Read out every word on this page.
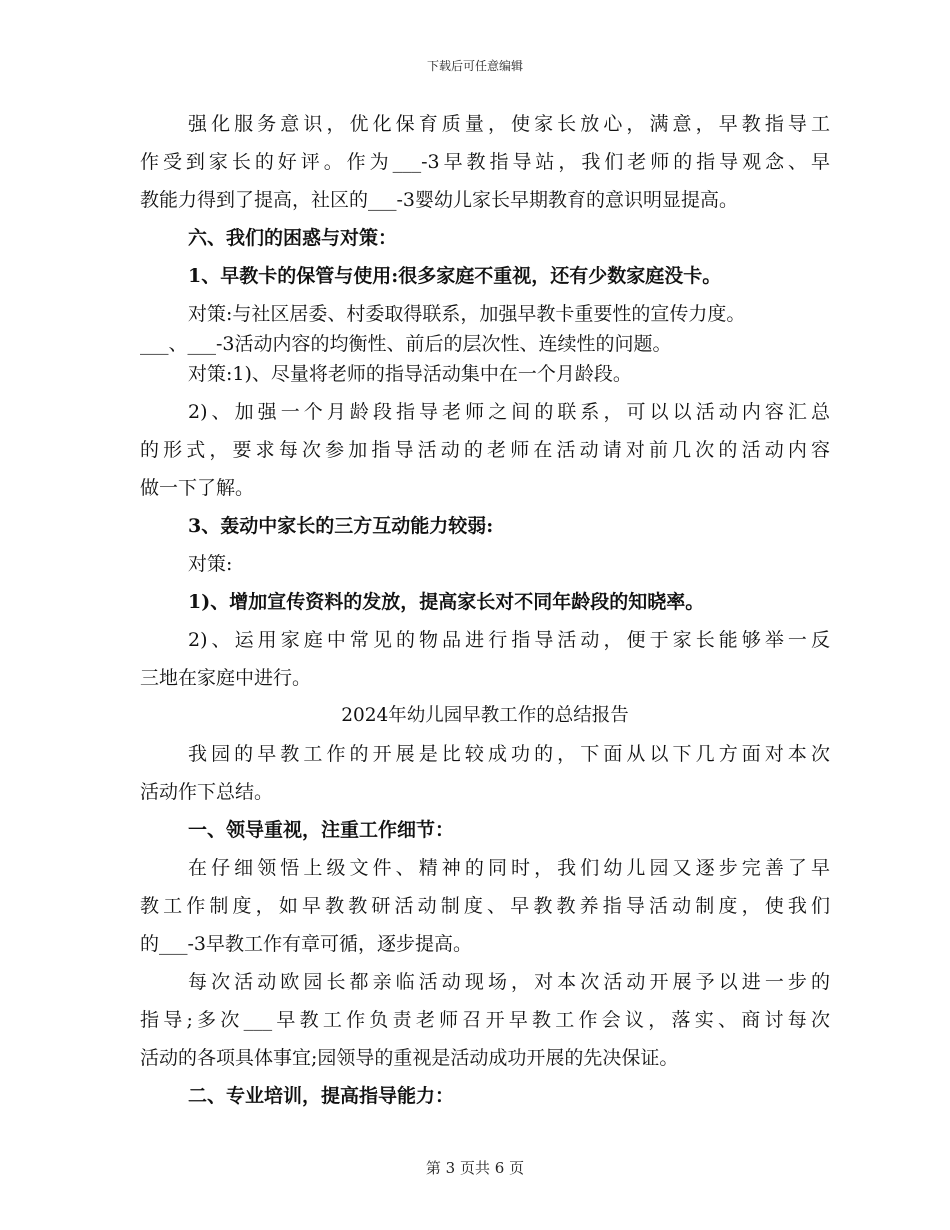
下载后可任意编辑
强化服务意识，优化保育质量，使家长放心，满意，早教指导工
作受到家长的好评。作为___-3早教指导站，我们老师的指导观念、早
教能力得到了提高，社区的___-3婴幼儿家长早期教育的意识明显提高。
六、我们的困惑与对策：
1、早教卡的保管与使用:很多家庭不重视，还有少数家庭没卡。
对策:与社区居委、村委取得联系，加强早教卡重要性的宣传力度。
___、___-3活动内容的均衡性、前后的层次性、连续性的问题。
对策:1)、尽量将老师的指导活动集中在一个月龄段。
2)、加强一个月龄段指导老师之间的联系，可以以活动内容汇总
的形式，要求每次参加指导活动的老师在活动请对前几次的活动内容
做一下了解。
3、轰动中家长的三方互动能力较弱:
对策:
1)、增加宣传资料的发放，提高家长对不同年龄段的知晓率。
2)、运用家庭中常见的物品进行指导活动，便于家长能够举一反
三地在家庭中进行。
2024年幼儿园早教工作的总结报告
我园的早教工作的开展是比较成功的，下面从以下几方面对本次
活动作下总结。
一、领导重视，注重工作细节：
在仔细领悟上级文件、精神的同时，我们幼儿园又逐步完善了早
教工作制度，如早教教研活动制度、早教教养指导活动制度，使我们
的___-3早教工作有章可循，逐步提高。
每次活动欧园长都亲临活动现场，对本次活动开展予以进一步的
指导;多次___早教工作负责老师召开早教工作会议，落实、商讨每次
活动的各项具体事宜;园领导的重视是活动成功开展的先决保证。
二、专业培训，提高指导能力：
第 3 页共 6 页
